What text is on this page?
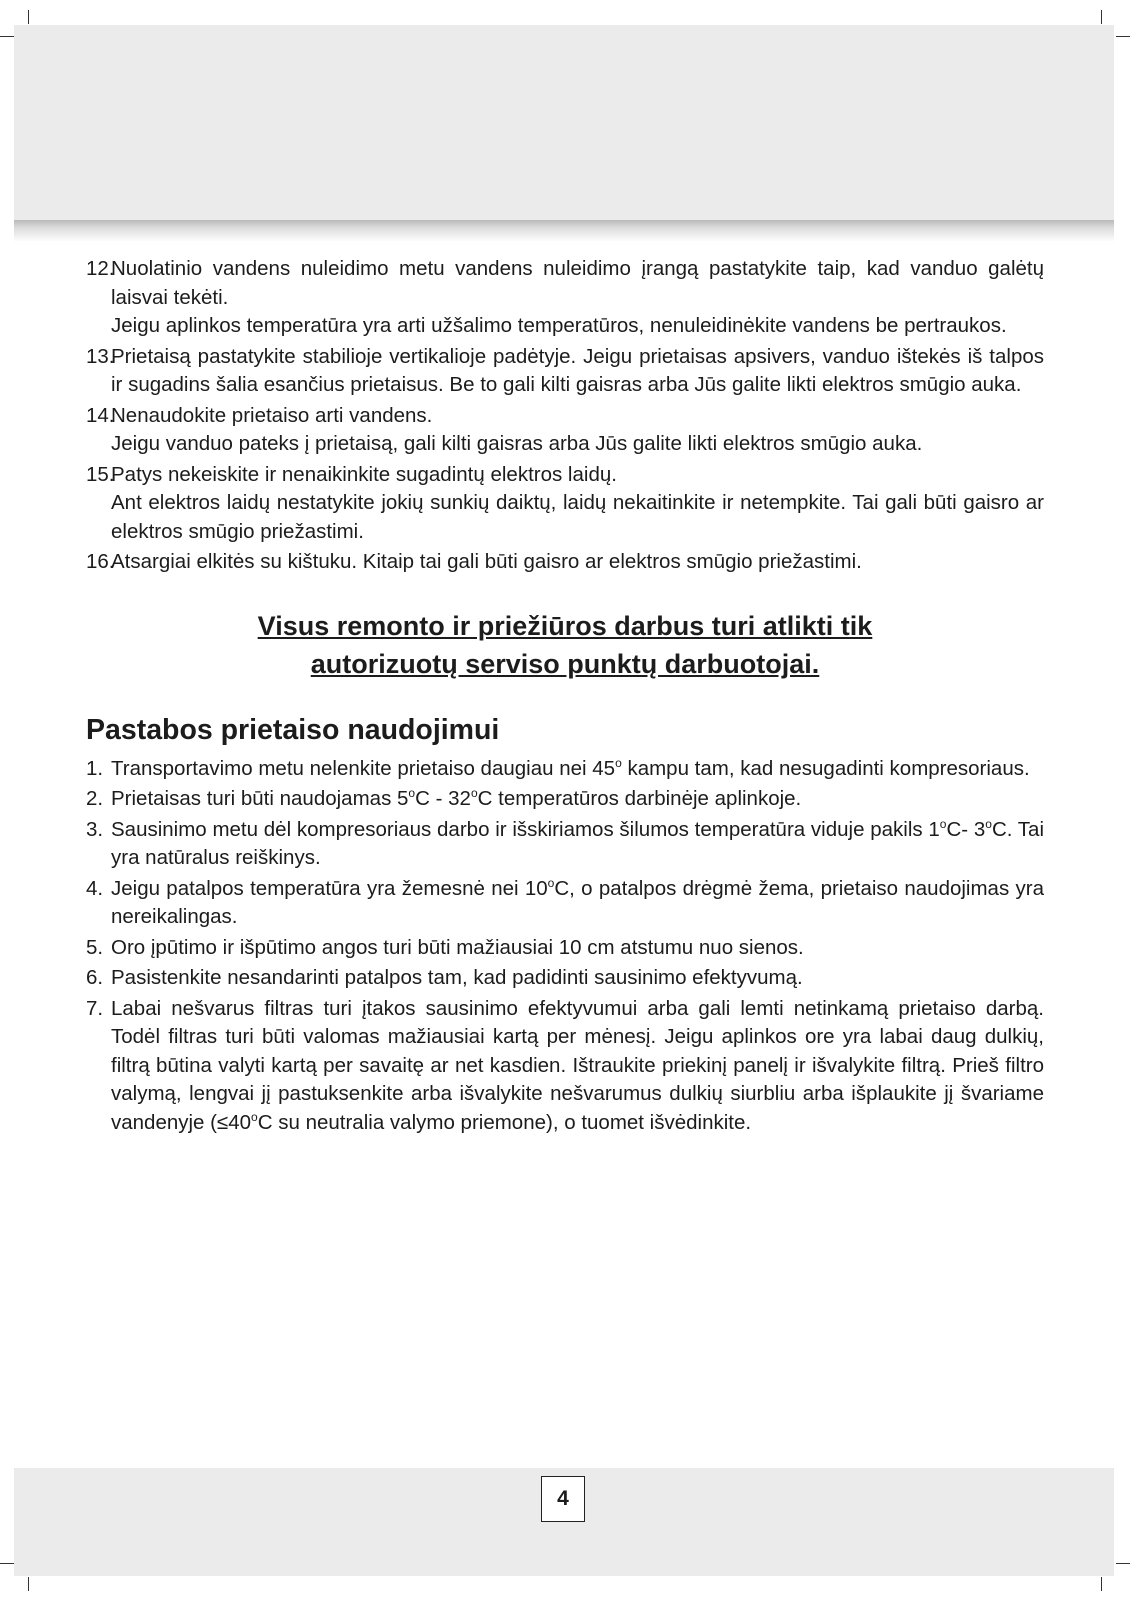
12.

Nuolatinio vandens nuleidimo metu vandens nuleidimo įrangą pastatykite taip, kad vanduo galėtų laisvai tekėti.

Jeigu aplinkos temperatūra yra arti užšalimo temperatūros, nenuleidinėkite vandens be pertraukos.

13.

Prietaisą pastatykite stabilioje vertikalioje padėtyje. Jeigu prietaisas apsivers, vanduo ištekės iš talpos ir sugadins šalia esančius prietaisus. Be to gali kilti gaisras arba Jūs galite likti elektros smūgio auka.

14.

Nenaudokite prietaiso arti vandens.

Jeigu vanduo pateks į prietaisą, gali kilti gaisras arba Jūs galite likti elektros smūgio auka.

15.

Patys nekeiskite ir nenaikinkite sugadintų elektros laidų.

Ant elektros laidų nestatykite jokių sunkių daiktų, laidų nekaitinkite ir netempkite. Tai gali būti gaisro ar elektros smūgio priežastimi.

16.

Atsargiai elkitės su kištuku. Kitaip tai gali būti gaisro ar elektros smūgio priežastimi.

Visus remonto ir priežiūros darbus turi atlikti tik
autorizuotų serviso punktų darbuotojai.
Pastabos prietaiso naudojimui
1. Transportavimo metu nelenkite prietaiso daugiau nei 45$^o$ kampu tam, kad nesugadinti kompresoriaus.
2. Prietaisas turi būti naudojamas 5$^o$C - 32$^o$C temperatūros darbinėje aplinkoje.
3. Sausinimo metu dėl kompresoriaus darbo ir išskiriamos šilumos temperatūra viduje pakils 1$^o$C- 3$^o$C. Tai yra natūralus reiškinys.
4. Jeigu patalpos temperatūra yra žemesnė nei 10$^o$C, o patalpos drėgmė žema, prietaiso naudojimas yra nereikalingas.
5. Oro įpūtimo ir išpūtimo angos turi būti mažiausiai 10 cm atstumu nuo sienos.
6. Pasistenkite nesandarinti patalpos tam, kad padidinti sausinimo efektyvumą.
7. Labai nešvarus filtras turi įtakos sausinimo efektyvumui arba gali lemti netinkamą prietaiso darbą. Todėl filtras turi būti valomas mažiausiai kartą per mėnesį. Jeigu aplinkos ore yra labai daug dulkių, filtrą būtina valyti kartą per savaitę ar net kasdien. Ištraukite priekinį panelį ir išvalykite filtrą. Prieš filtro valymą, lengvai jį pastuksenkite arba išvalykite nešvarumus dulkių siurbliu arba išplaukite jį švariame vandenyje ($\le 40^oC$ su neutralia valymo priemone), o tuomet išvėdinkite.
4
